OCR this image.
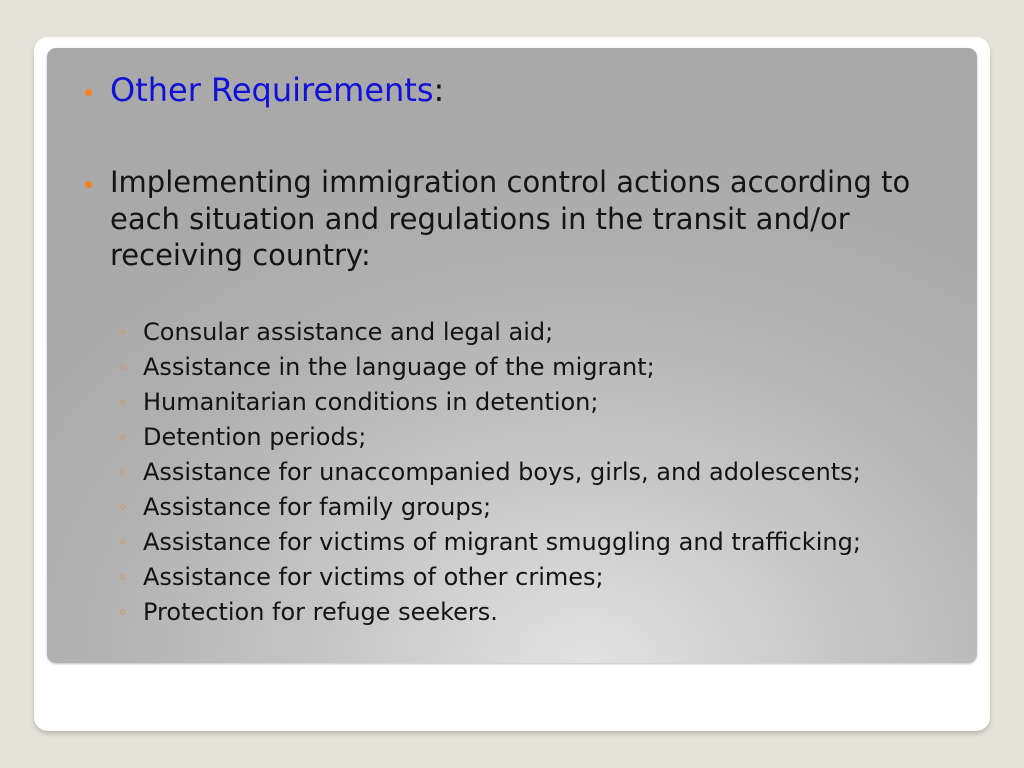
Other Requirements:
Implementing immigration control actions according to each situation and regulations in the transit and/or receiving country:
◦ Consular assistance and legal aid;
◦ Assistance in the language of the migrant;
◦ Humanitarian conditions in detention;
◦ Detention periods;
◦ Assistance for unaccompanied boys, girls, and adolescents;
◦ Assistance for family groups;
◦ Assistance for victims of migrant smuggling and trafficking;
◦ Assistance for victims of other crimes;
◦ Protection for refuge seekers.
